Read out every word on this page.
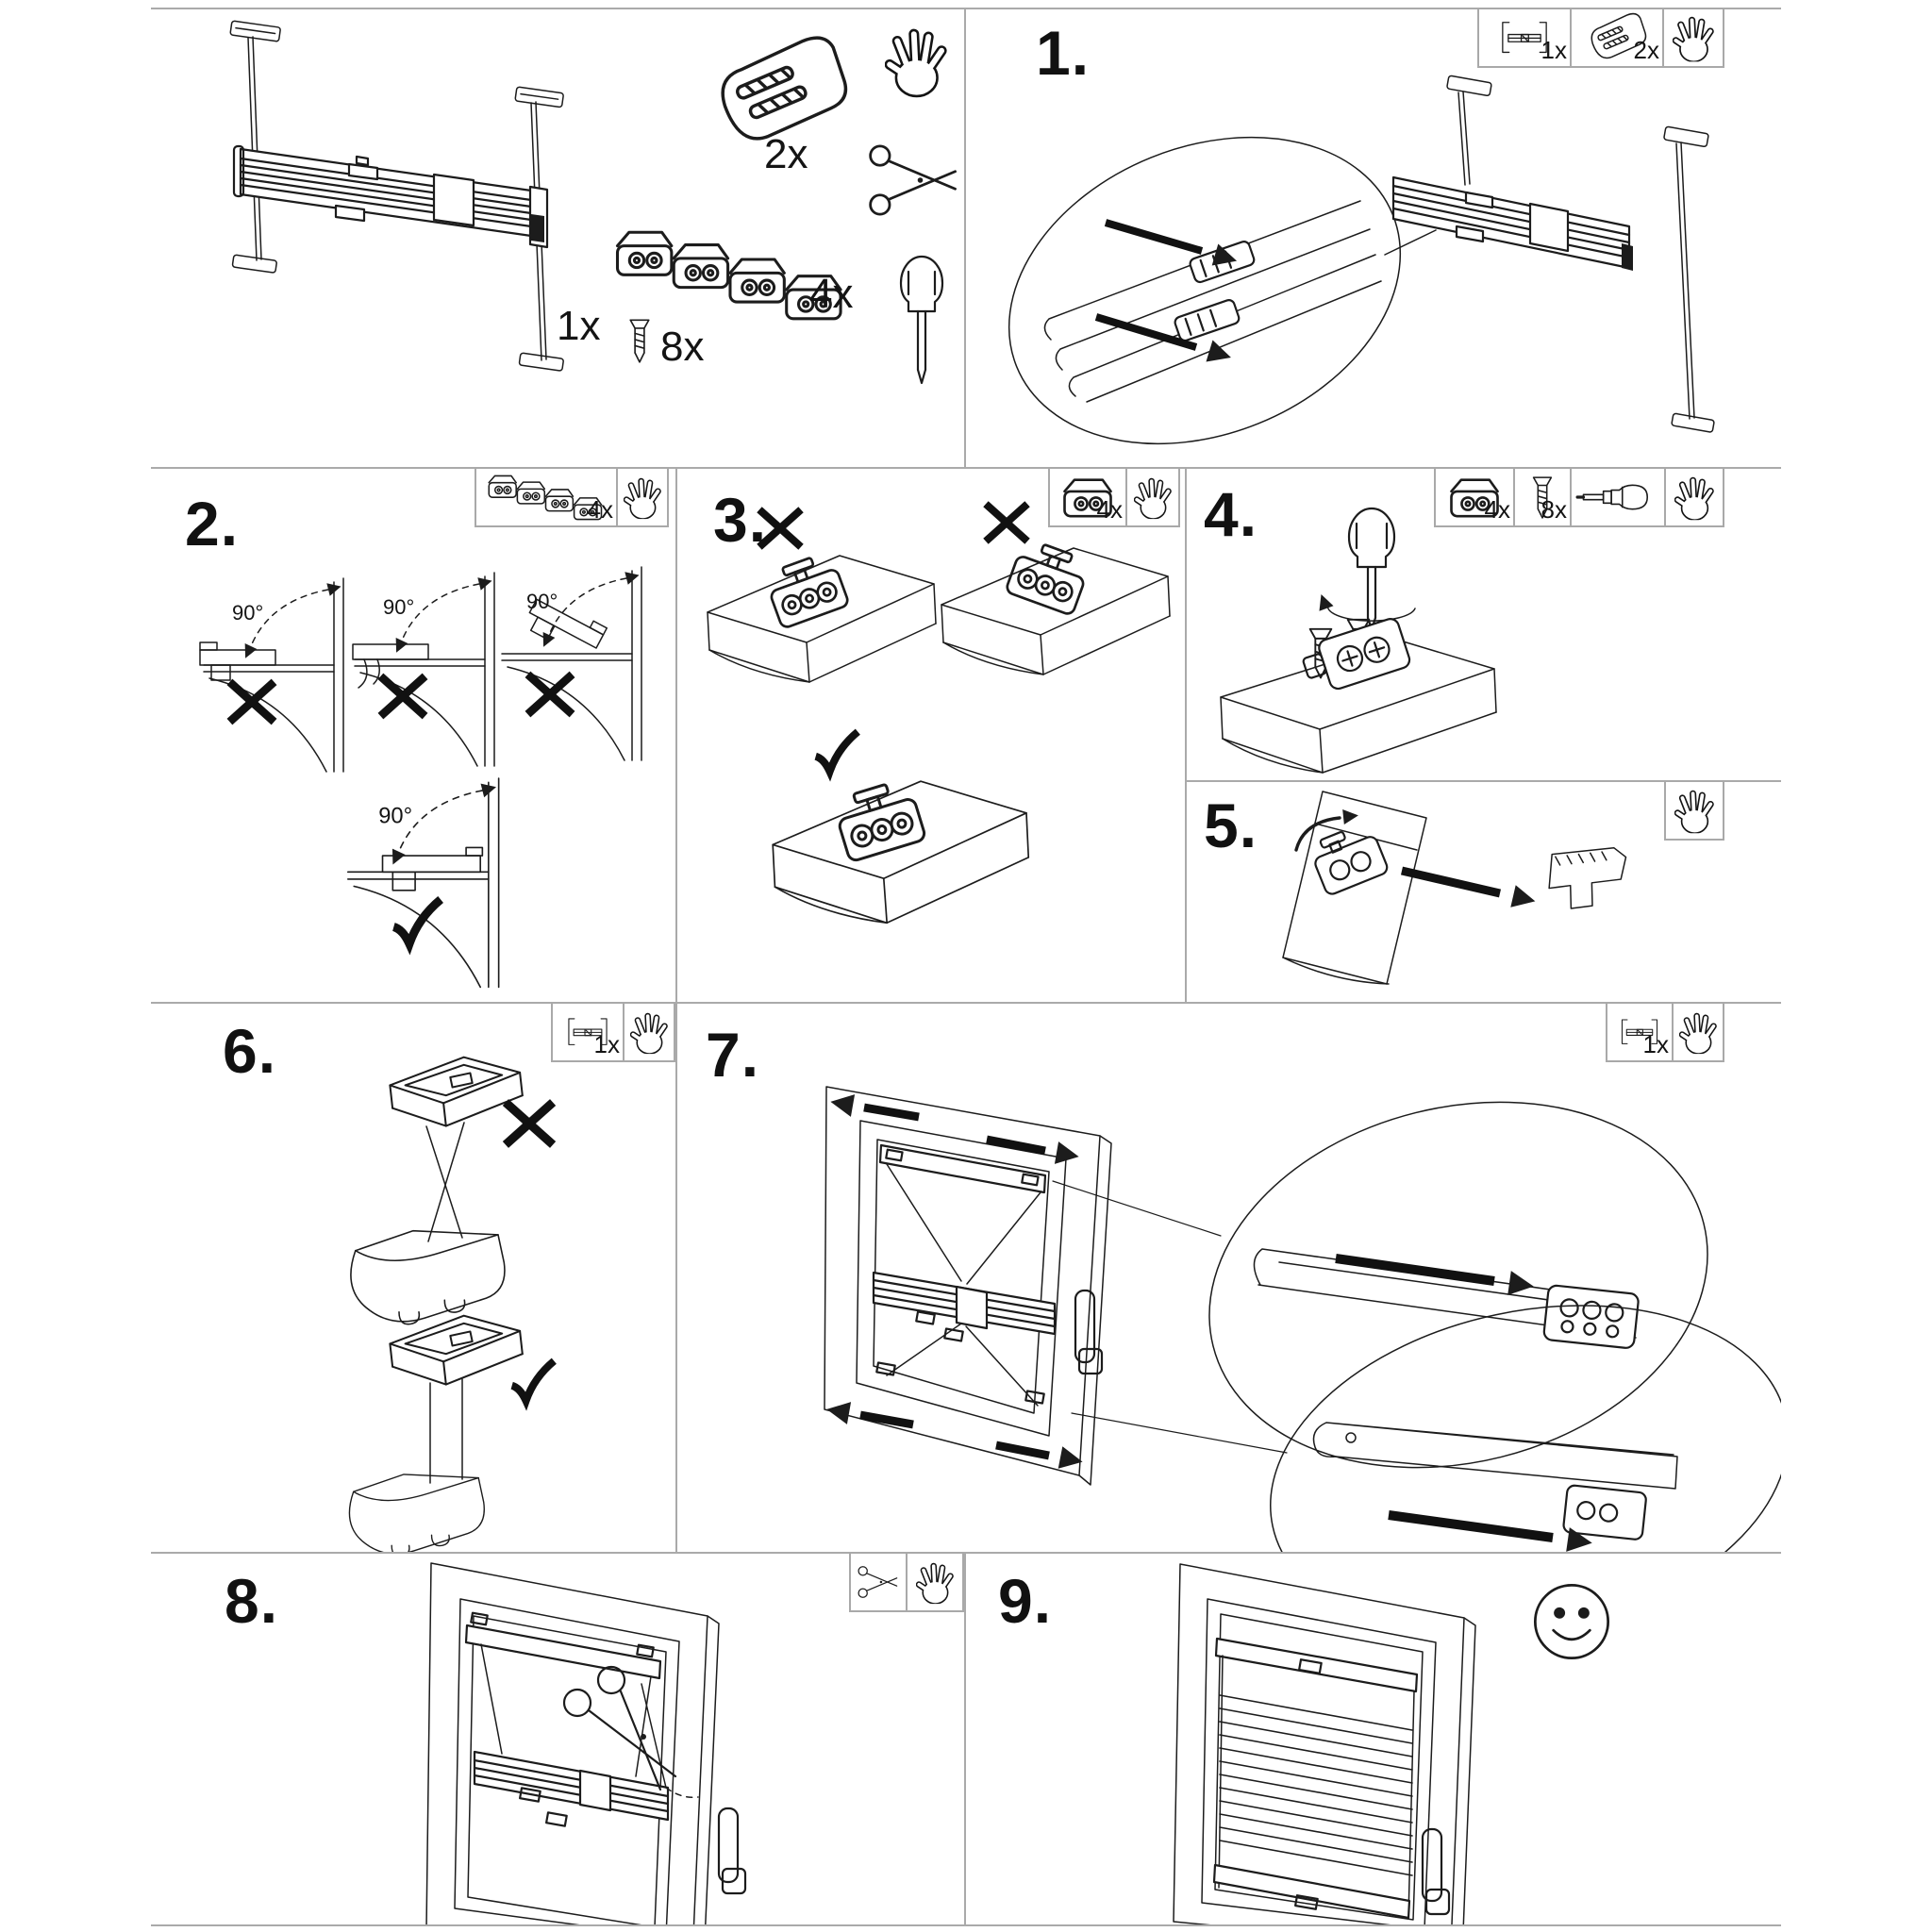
1x 8x
2x
4x
1.	1x	2x
2.	4x
90°	90°	90°
90°
3.	4x 4.	4x 8x
5.
6.	1x 7.	1x
8.	9.
